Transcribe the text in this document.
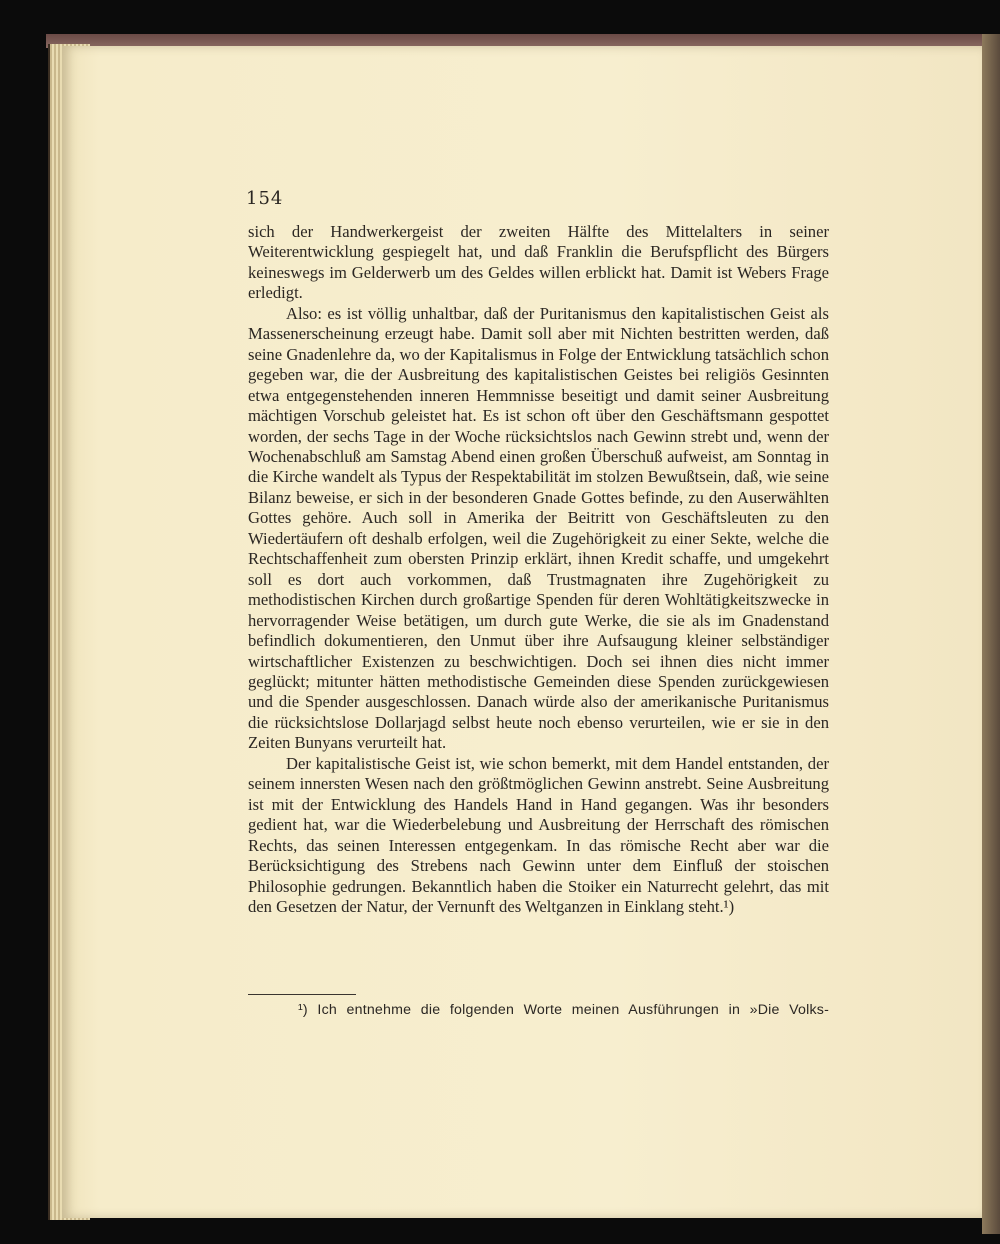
154

sich der Handwerkergeist der zweiten Hälfte des Mittelalters in seiner Weiterentwicklung gespiegelt hat, und daß Franklin die Berufspflicht des Bürgers keineswegs im Gelderwerb um des Geldes willen erblickt hat. Damit ist Webers Frage erledigt.

Also: es ist völlig unhaltbar, daß der Puritanismus den kapitalistischen Geist als Massenerscheinung erzeugt habe. Damit soll aber mit Nichten bestritten werden, daß seine Gnadenlehre da, wo der Kapitalismus in Folge der Entwicklung tatsächlich schon gegeben war, die der Ausbreitung des kapitalistischen Geistes bei religiös Gesinnten etwa entgegenstehenden inneren Hemmnisse beseitigt und damit seiner Ausbreitung mächtigen Vorschub geleistet hat. Es ist schon oft über den Geschäftsmann gespottet worden, der sechs Tage in der Woche rücksichtslos nach Gewinn strebt und, wenn der Wochenabschluß am Samstag Abend einen großen Überschuß aufweist, am Sonntag in die Kirche wandelt als Typus der Respektabilität im stolzen Bewußtsein, daß, wie seine Bilanz beweise, er sich in der besonderen Gnade Gottes befinde, zu den Auserwählten Gottes gehöre. Auch soll in Amerika der Beitritt von Geschäftsleuten zu den Wiedertäufern oft deshalb erfolgen, weil die Zugehörigkeit zu einer Sekte, welche die Rechtschaffenheit zum obersten Prinzip erklärt, ihnen Kredit schaffe, und umgekehrt soll es dort auch vorkommen, daß Trustmagnaten ihre Zugehörigkeit zu methodistischen Kirchen durch großartige Spenden für deren Wohltätigkeitszwecke in hervorragender Weise betätigen, um durch gute Werke, die sie als im Gnadenstand befindlich dokumentieren, den Unmut über ihre Aufsaugung kleiner selbständiger wirtschaftlicher Existenzen zu beschwichtigen. Doch sei ihnen dies nicht immer geglückt; mitunter hätten methodistische Gemeinden diese Spenden zurückgewiesen und die Spender ausgeschlossen. Danach würde also der amerikanische Puritanismus die rücksichtslose Dollarjagd selbst heute noch ebenso verurteilen, wie er sie in den Zeiten Bunyans verurteilt hat.

Der kapitalistische Geist ist, wie schon bemerkt, mit dem Handel entstanden, der seinem innersten Wesen nach den größtmöglichen Gewinn anstrebt. Seine Ausbreitung ist mit der Entwicklung des Handels Hand in Hand gegangen. Was ihr besonders gedient hat, war die Wiederbelebung und Ausbreitung der Herrschaft des römischen Rechts, das seinen Interessen entgegenkam. In das römische Recht aber war die Berücksichtigung des Strebens nach Gewinn unter dem Einfluß der stoischen Philosophie gedrungen. Bekanntlich haben die Stoiker ein Naturrecht gelehrt, das mit den Gesetzen der Natur, der Vernunft des Weltganzen in Einklang steht.¹)

¹) Ich entnehme die folgenden Worte meinen Ausführungen in »Die Volks-
